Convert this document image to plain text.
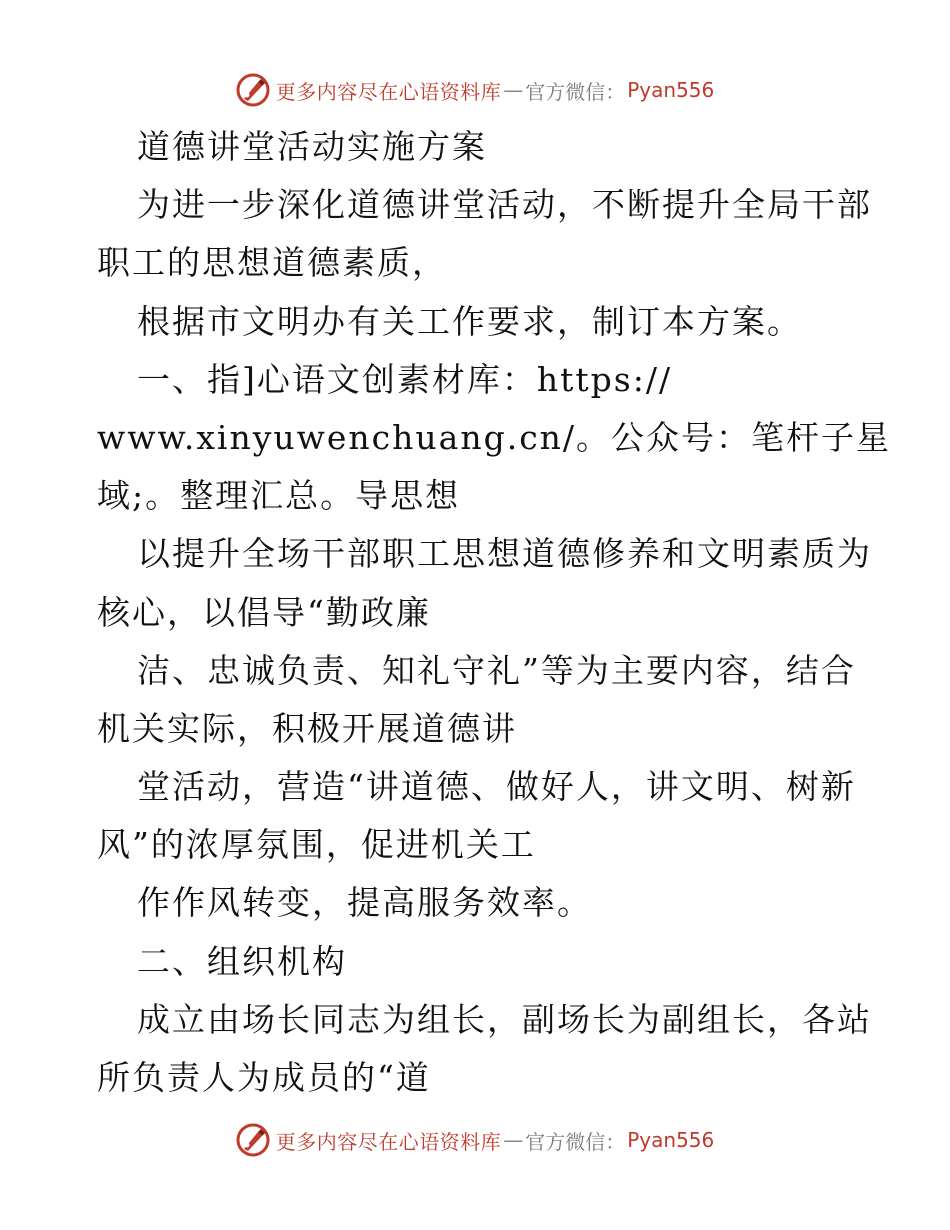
更多内容尽在心语资料库 — 官方微信： Pyan556
道德讲堂活动实施方案
为进一步深化道德讲堂活动，不断提升全局干部
职工的思想道德素质，
根据市文明办有关工作要求，制订本方案。
一、指]心语文创素材库：https://
www.xinyuwenchuang.cn/。公众号：笔杆子星
域;。整理汇总。导思想
以提升全场干部职工思想道德修养和文明素质为
核心，以倡导“勤政廉
洁、忠诚负责、知礼守礼”等为主要内容，结合
机关实际，积极开展道德讲
堂活动，营造“讲道德、做好人，讲文明、树新
风”的浓厚氛围，促进机关工
作作风转变，提高服务效率。
二、组织机构
成立由场长同志为组长，副场长为副组长，各站
所负责人为成员的“道
更多内容尽在心语资料库 — 官方微信： Pyan556
